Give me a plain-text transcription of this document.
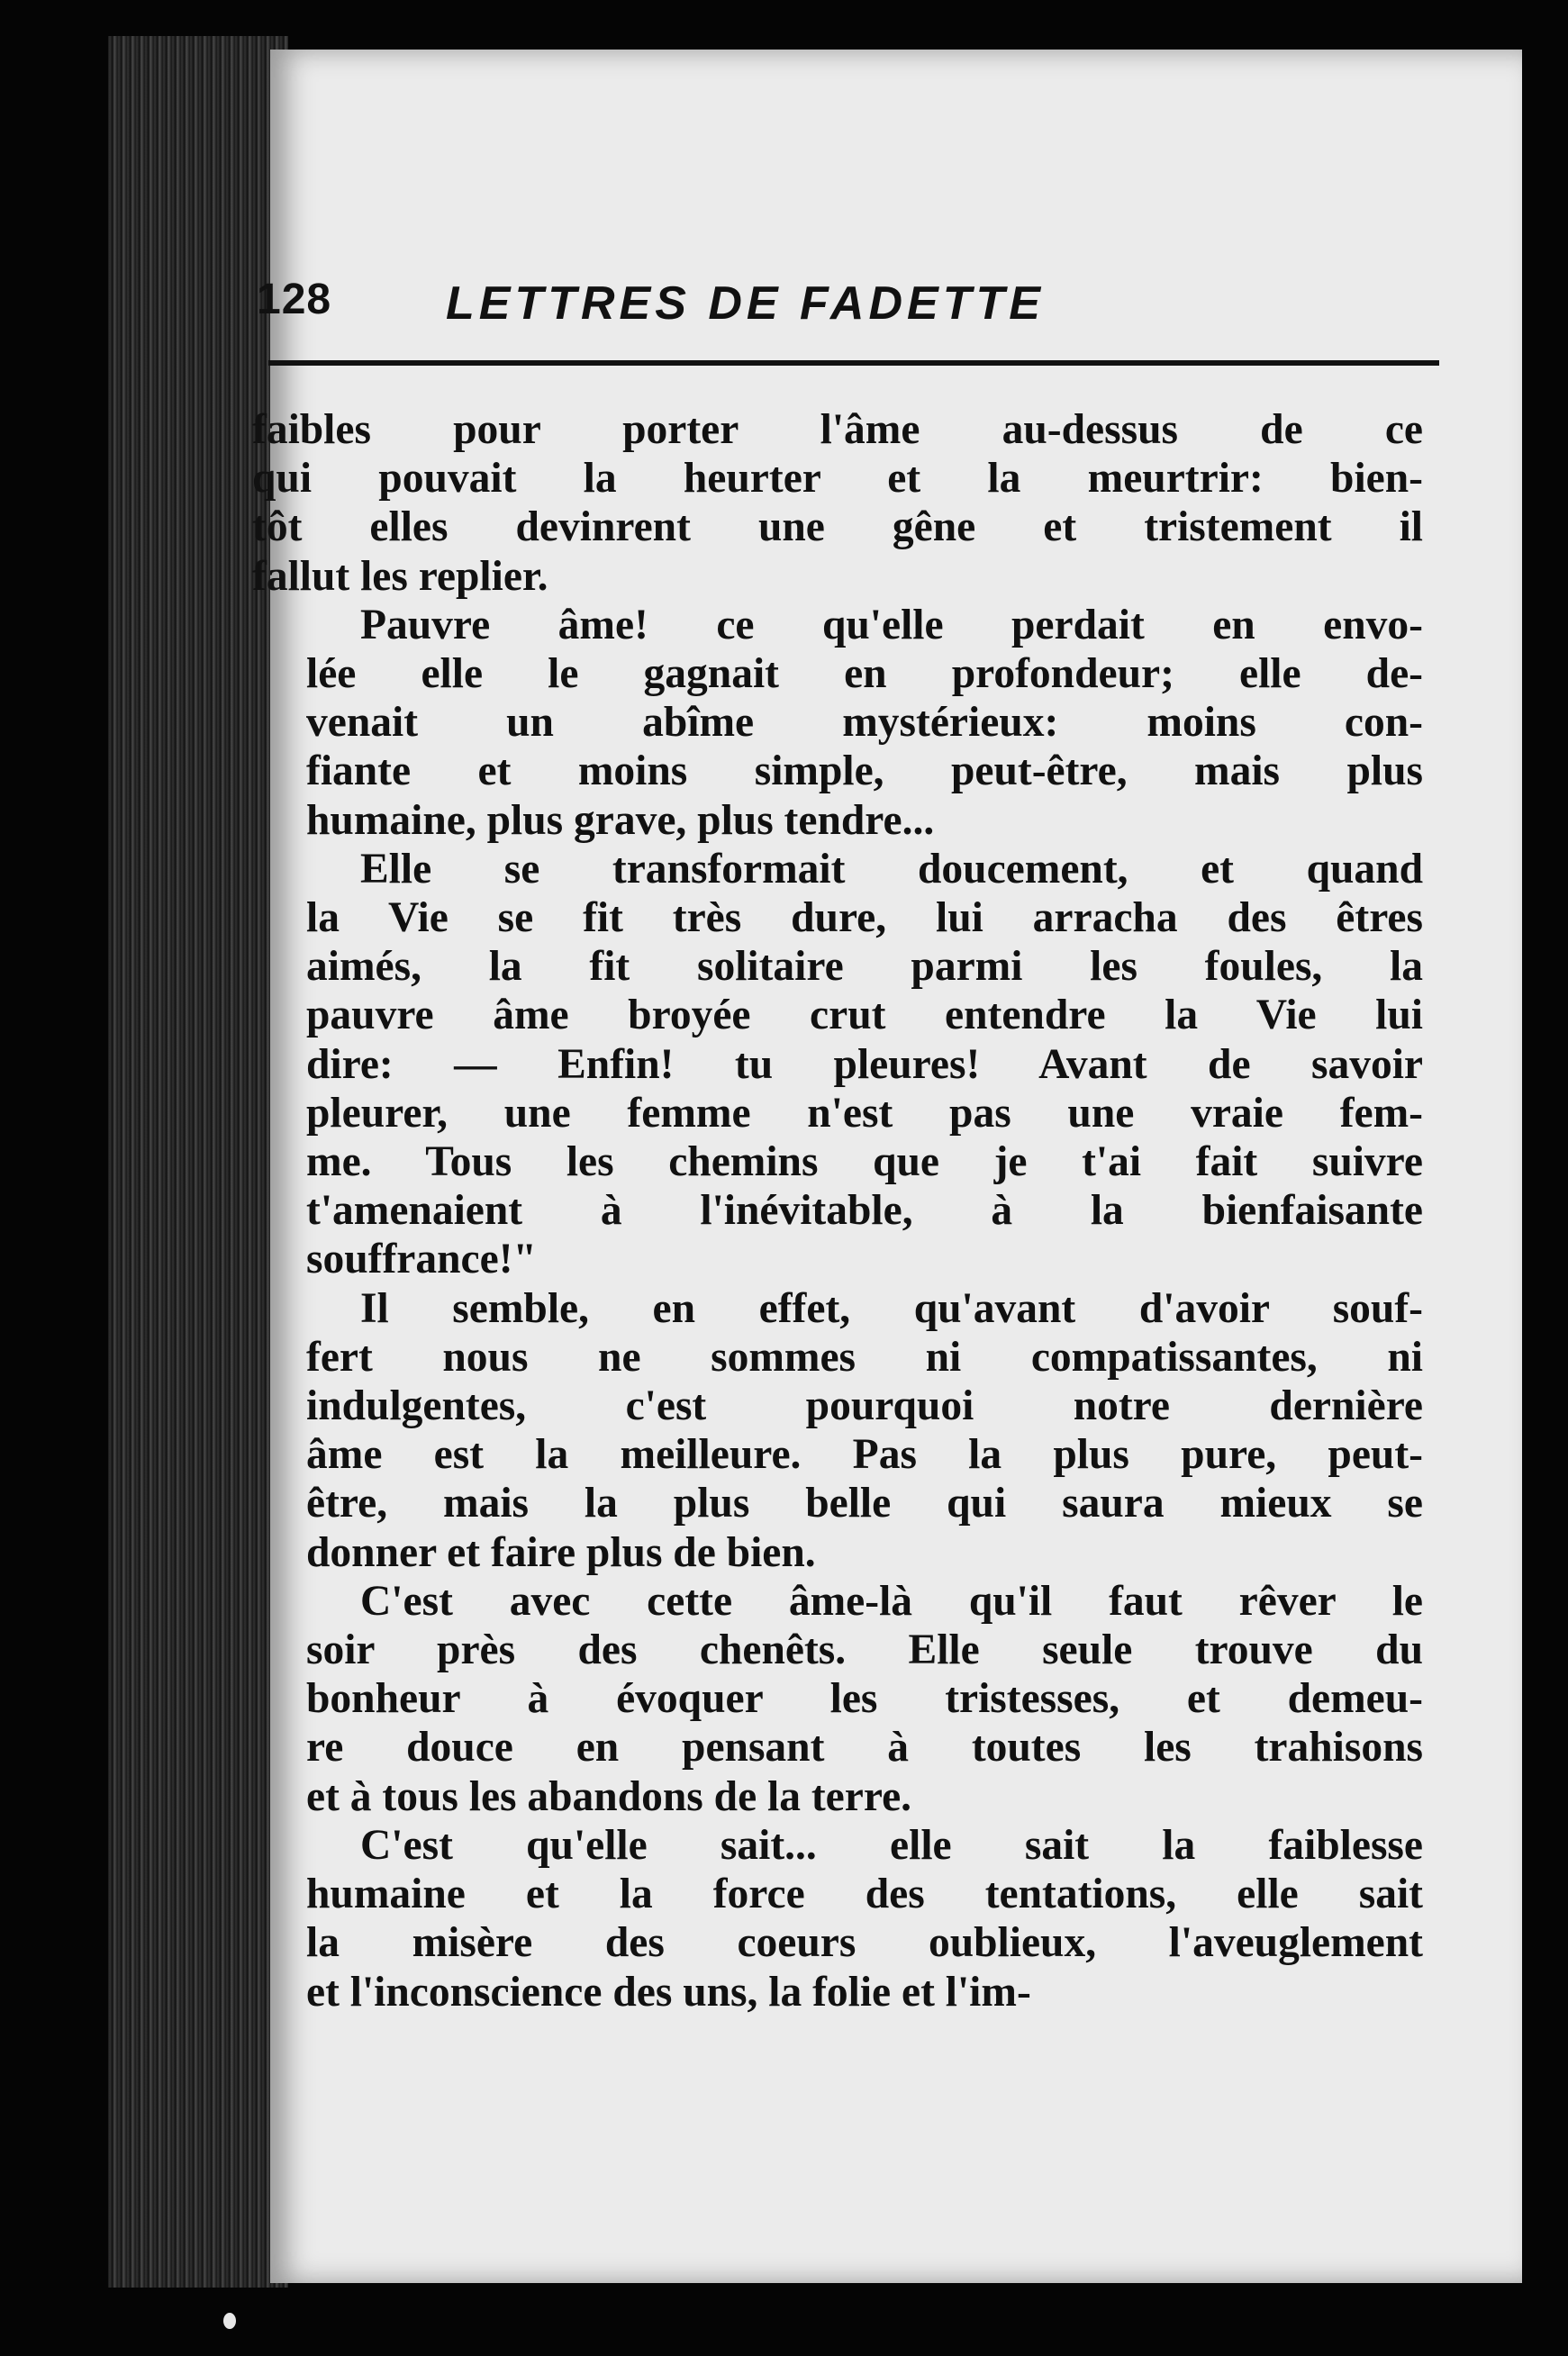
128 LETTRES DE FADETTE

faibles pour porter l'âme au-dessus de ce
qui pouvait la heurter et la meurtrir: bien-
tôt elles devinrent une gêne et tristement il
fallut les replier.

Pauvre âme! ce qu'elle perdait en envo-
lée elle le gagnait en profondeur; elle de-
venait un abîme mystérieux: moins con-
fiante et moins simple, peut-être, mais plus
humaine, plus grave, plus tendre...

Elle se transformait doucement, et quand
la Vie se fit très dure, lui arracha des êtres
aimés, la fit solitaire parmi les foules, la
pauvre âme broyée crut entendre la Vie lui
dire: — Enfin! tu pleures! Avant de savoir
pleurer, une femme n'est pas une vraie fem-
me. Tous les chemins que je t'ai fait suivre
t'amenaient à l'inévitable, à la bienfaisante
souffrance!"

Il semble, en effet, qu'avant d'avoir souf-
fert nous ne sommes ni compatissantes, ni
indulgentes, c'est pourquoi notre dernière
âme est la meilleure. Pas la plus pure, peut-
être, mais la plus belle qui saura mieux se
donner et faire plus de bien.

C'est avec cette âme-là qu'il faut rêver le
soir près des chenêts. Elle seule trouve du
bonheur à évoquer les tristesses, et demeu-
re douce en pensant à toutes les trahisons
et à tous les abandons de la terre.

C'est qu'elle sait... elle sait la faiblesse
humaine et la force des tentations, elle sait
la misère des coeurs oublieux, l'aveuglement
et l'inconscience des uns, la folie et l'im-
